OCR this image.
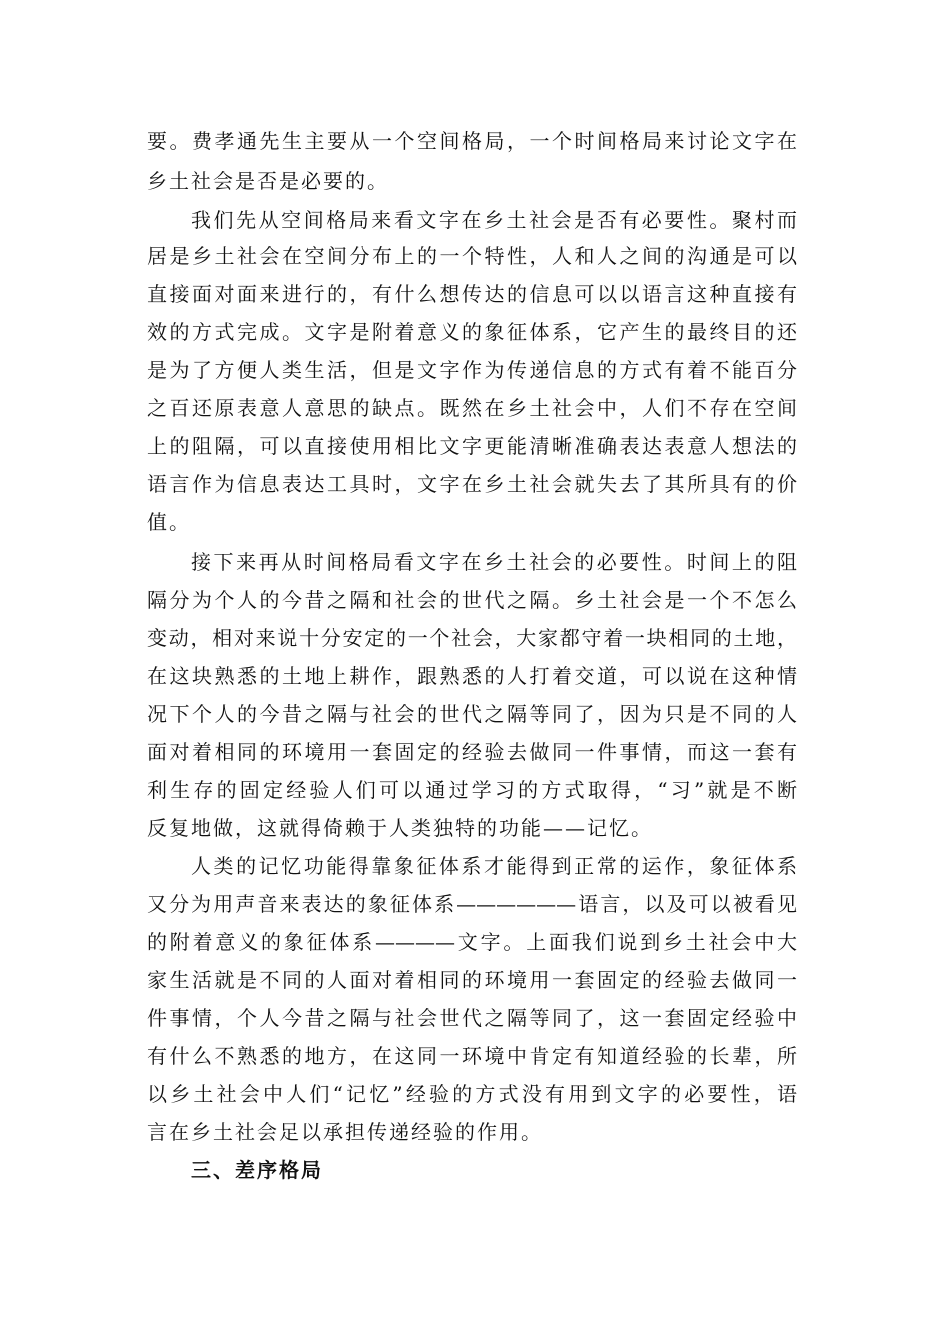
要。费孝通先生主要从一个空间格局，一个时间格局来讨论文字在
乡土社会是否是必要的。
我们先从空间格局来看文字在乡土社会是否有必要性。聚村而
居是乡土社会在空间分布上的一个特性，人和人之间的沟通是可以
直接面对面来进行的，有什么想传达的信息可以以语言这种直接有
效的方式完成。文字是附着意义的象征体系，它产生的最终目的还
是为了方便人类生活，但是文字作为传递信息的方式有着不能百分
之百还原表意人意思的缺点。既然在乡土社会中，人们不存在空间
上的阻隔，可以直接使用相比文字更能清晰准确表达表意人想法的
语言作为信息表达工具时，文字在乡土社会就失去了其所具有的价
值。
接下来再从时间格局看文字在乡土社会的必要性。时间上的阻
隔分为个人的今昔之隔和社会的世代之隔。乡土社会是一个不怎么
变动，相对来说十分安定的一个社会，大家都守着一块相同的土地，
在这块熟悉的土地上耕作，跟熟悉的人打着交道，可以说在这种情
况下个人的今昔之隔与社会的世代之隔等同了，因为只是不同的人
面对着相同的环境用一套固定的经验去做同一件事情，而这一套有
利生存的固定经验人们可以通过学习的方式取得，“习”就是不断
反复地做，这就得倚赖于人类独特的功能——记忆。
人类的记忆功能得靠象征体系才能得到正常的运作，象征体系
又分为用声音来表达的象征体系——————语言，以及可以被看见
的附着意义的象征体系————文字。上面我们说到乡土社会中大
家生活就是不同的人面对着相同的环境用一套固定的经验去做同一
件事情，个人今昔之隔与社会世代之隔等同了，这一套固定经验中
有什么不熟悉的地方，在这同一环境中肯定有知道经验的长辈，所
以乡土社会中人们“记忆”经验的方式没有用到文字的必要性，语
言在乡土社会足以承担传递经验的作用。
三、差序格局
